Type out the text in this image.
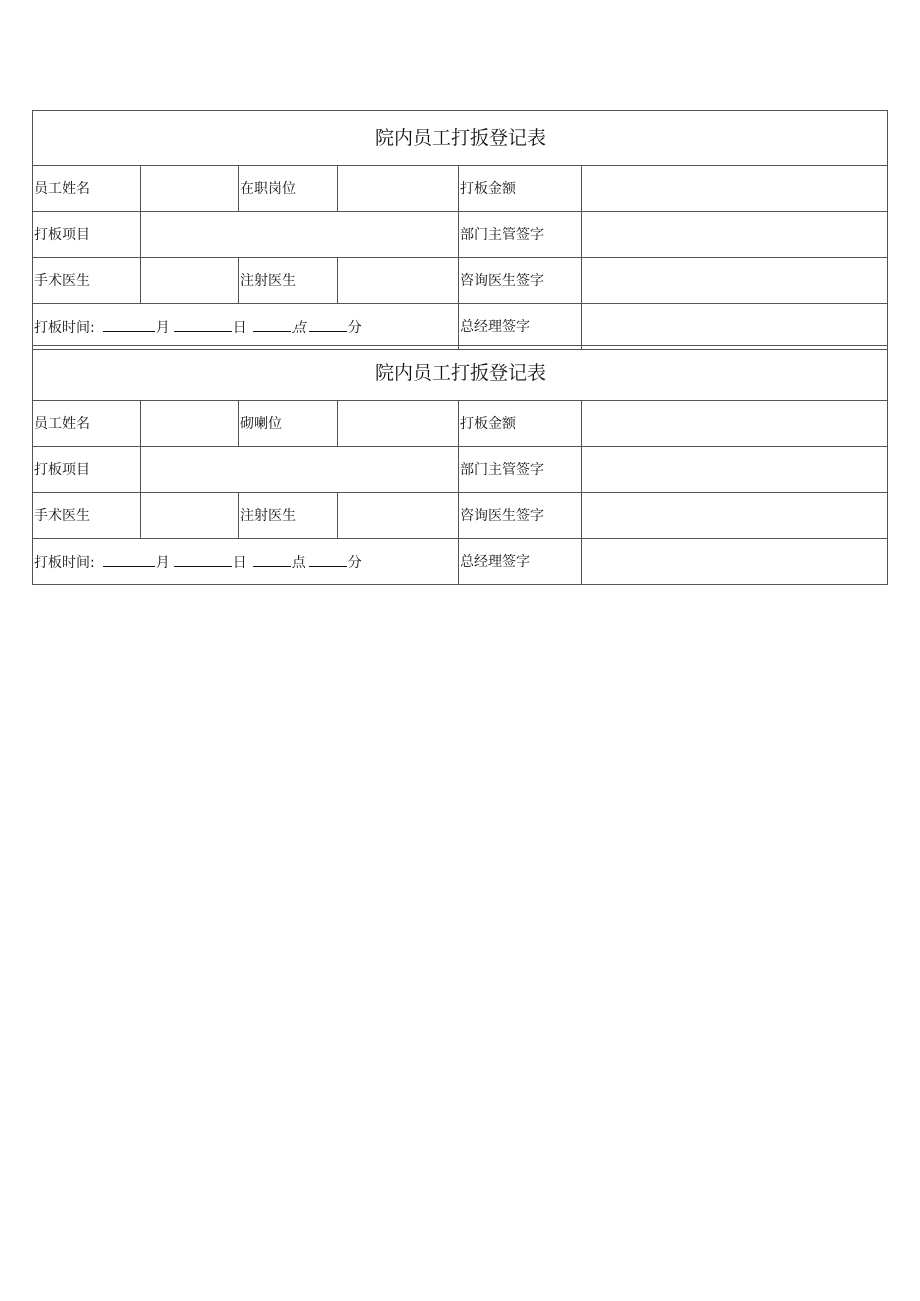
院内员工打扳登记表					
员工姓名		在职岗位		打板金额	
打板项目				部门主管签字	
手术医生		注射医生		咨询医生签字	
打板时间: 月 日 点 分				总经理签字	
院内员工打扳登记表					
员工姓名		砌喇位		打板金额	
打板项目				部门主管签字	
手术医生		注射医生		咨询医生签字	
打板时间: 月 日 点 分				总经理签字	
